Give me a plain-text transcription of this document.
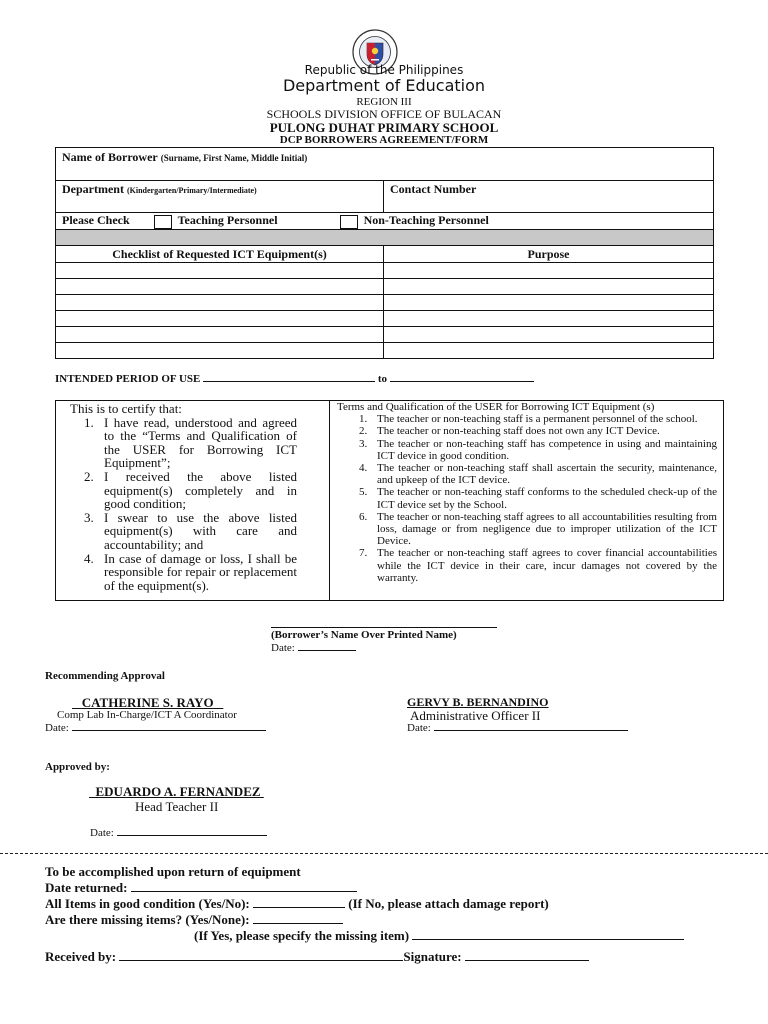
Republic of the Philippines
Department of Education
REGION III
SCHOOLS DIVISION OFFICE OF BULACAN
PULONG DUHAT PRIMARY SCHOOL
DCP BORROWERS AGREEMENT/FORM
Name of Borrower (Surname, First Name, Middle Initial)	
Department (Kindergarten/Primary/Intermediate)	Contact Number
Please Check Teaching Personnel Non-Teaching Personnel	

Checklist of Requested ICT Equipment(s)	Purpose

INTENDED PERIOD OF USE	to
This is to certify that:
1. I have read, understood and agreed to the “Terms and Qualification of the USER for Borrowing ICT Equipment”;
2. I received the above listed equipment(s) completely and in good condition;
3. I swear to use the above listed equipment(s) with care and accountability; and
4. In case of damage or loss, I shall be responsible for repair or replacement of the equipment(s).
Terms and Qualification of the USER for Borrowing ICT Equipment (s)
1. The teacher or non-teaching staff is a permanent personnel of the school.
2. The teacher or non-teaching staff does not own any ICT Device.
3. The teacher or non-teaching staff has competence in using and maintaining ICT device in good condition.
4. The teacher or non-teaching staff shall ascertain the security, maintenance, and upkeep of the ICT device.
5. The teacher or non-teaching staff conforms to the scheduled check-up of the ICT device set by the School.
6. The teacher or non-teaching staff agrees to all accountabilities resulting from loss, damage or from negligence due to improper utilization of the ICT Device.
7. The teacher or non-teaching staff agrees to cover financial accountabilities while the ICT device in their care, incur damages not covered by the warranty.
(Borrower’s Name Over Printed Name)
Date:
Recommending Approval
CATHERINE S. RAYO
Comp Lab In-Charge/ICT A Coordinator
Date:
GERVY B. BERNANDINO
Administrative Officer II
Date:
Approved by:
EDUARDO A. FERNANDEZ
Head Teacher II
Date:
To be accomplished upon return of equipment
Date returned:
All Items in good condition (Yes/No):	(If No, please attach damage report)
Are there missing items? (Yes/None):
(If Yes, please specify the missing item)
Received by:	Signature:
